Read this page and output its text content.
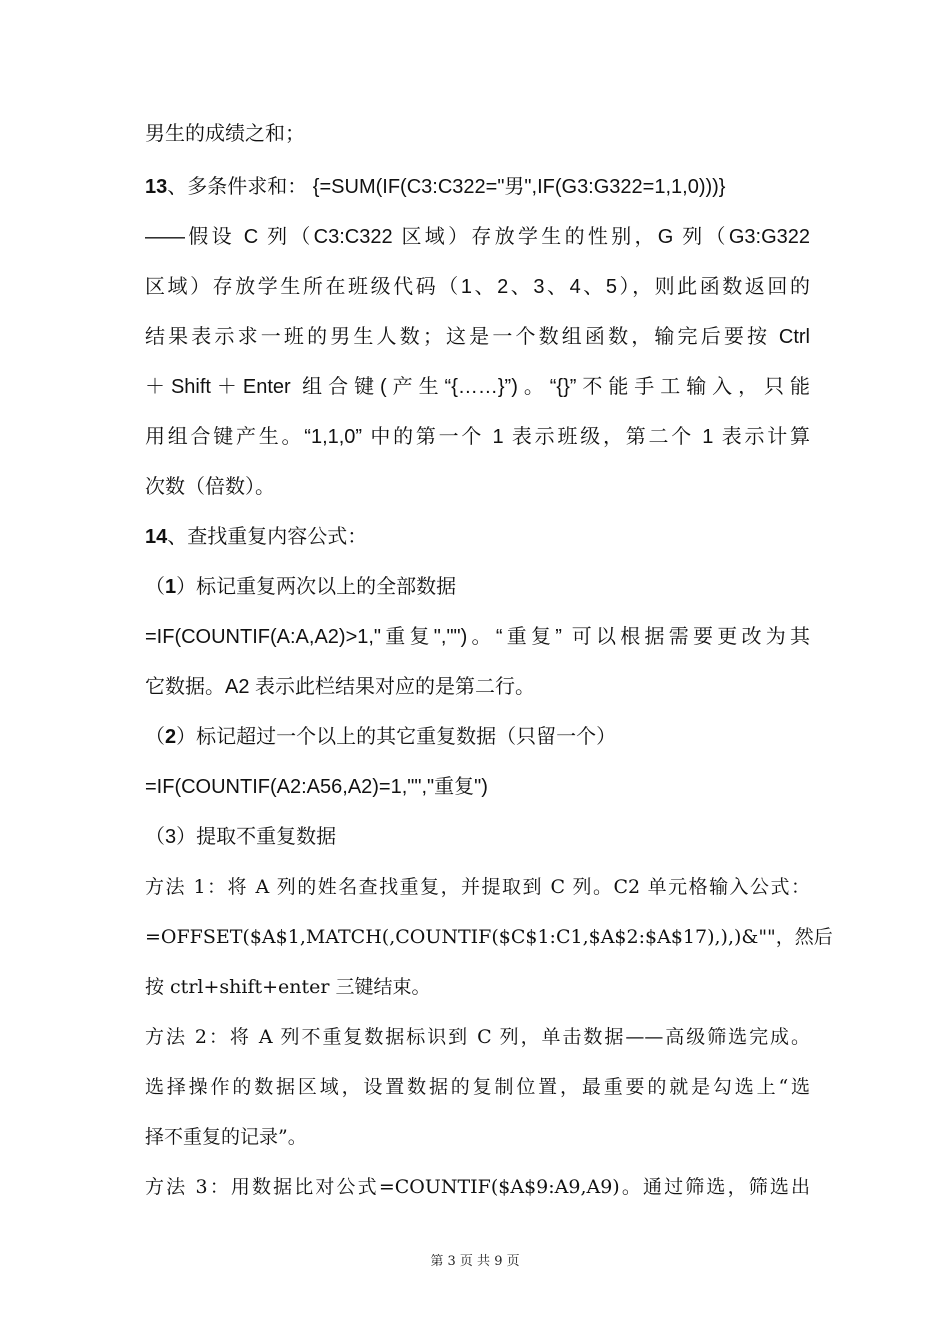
男生的成绩之和；
13、多条件求和： {=SUM(IF(C3:C322="男",IF(G3:G322=1,1,0)))}
——假设 C 列（C3:C322 区域）存放学生的性别，G 列（G3:G322
区域）存放学生所在班级代码（1、2、3、4、5），则此函数返回的
结果表示求一班的男生人数；这是一个数组函数，输完后要按 Ctrl
＋Shift＋Enter 组合键(产生“{……}”)。“{}”不能手工输入，只能
用组合键产生。“1,1,0” 中的第一个 1 表示班级，第二个 1 表示计算
次数（倍数）。
14、查找重复内容公式：
（1）标记重复两次以上的全部数据
=IF(COUNTIF(A:A,A2)>1,"重复","")。“重复” 可以根据需要更改为其
它数据。A2 表示此栏结果对应的是第二行。
（2）标记超过一个以上的其它重复数据（只留一个）
=IF(COUNTIF(A2:A56,A2)=1,"","重复")
（3）提取不重复数据
方法 1：将 A 列的姓名查找重复，并提取到 C 列。C2 单元格输入公式：
=OFFSET($A$1,MATCH(,COUNTIF($C$1:C1,$A$2:$A$17),),)&""，然后
按 ctrl+shift+enter 三键结束。
方法 2：将 A 列不重复数据标识到 C 列，单击数据——高级筛选完成。
选择操作的数据区域，设置数据的复制位置，最重要的就是勾选上“选
择不重复的记录”。
方法 3：用数据比对公式=COUNTIF($A$9:A9,A9)。通过筛选，筛选出
第 3 页 共 9 页
